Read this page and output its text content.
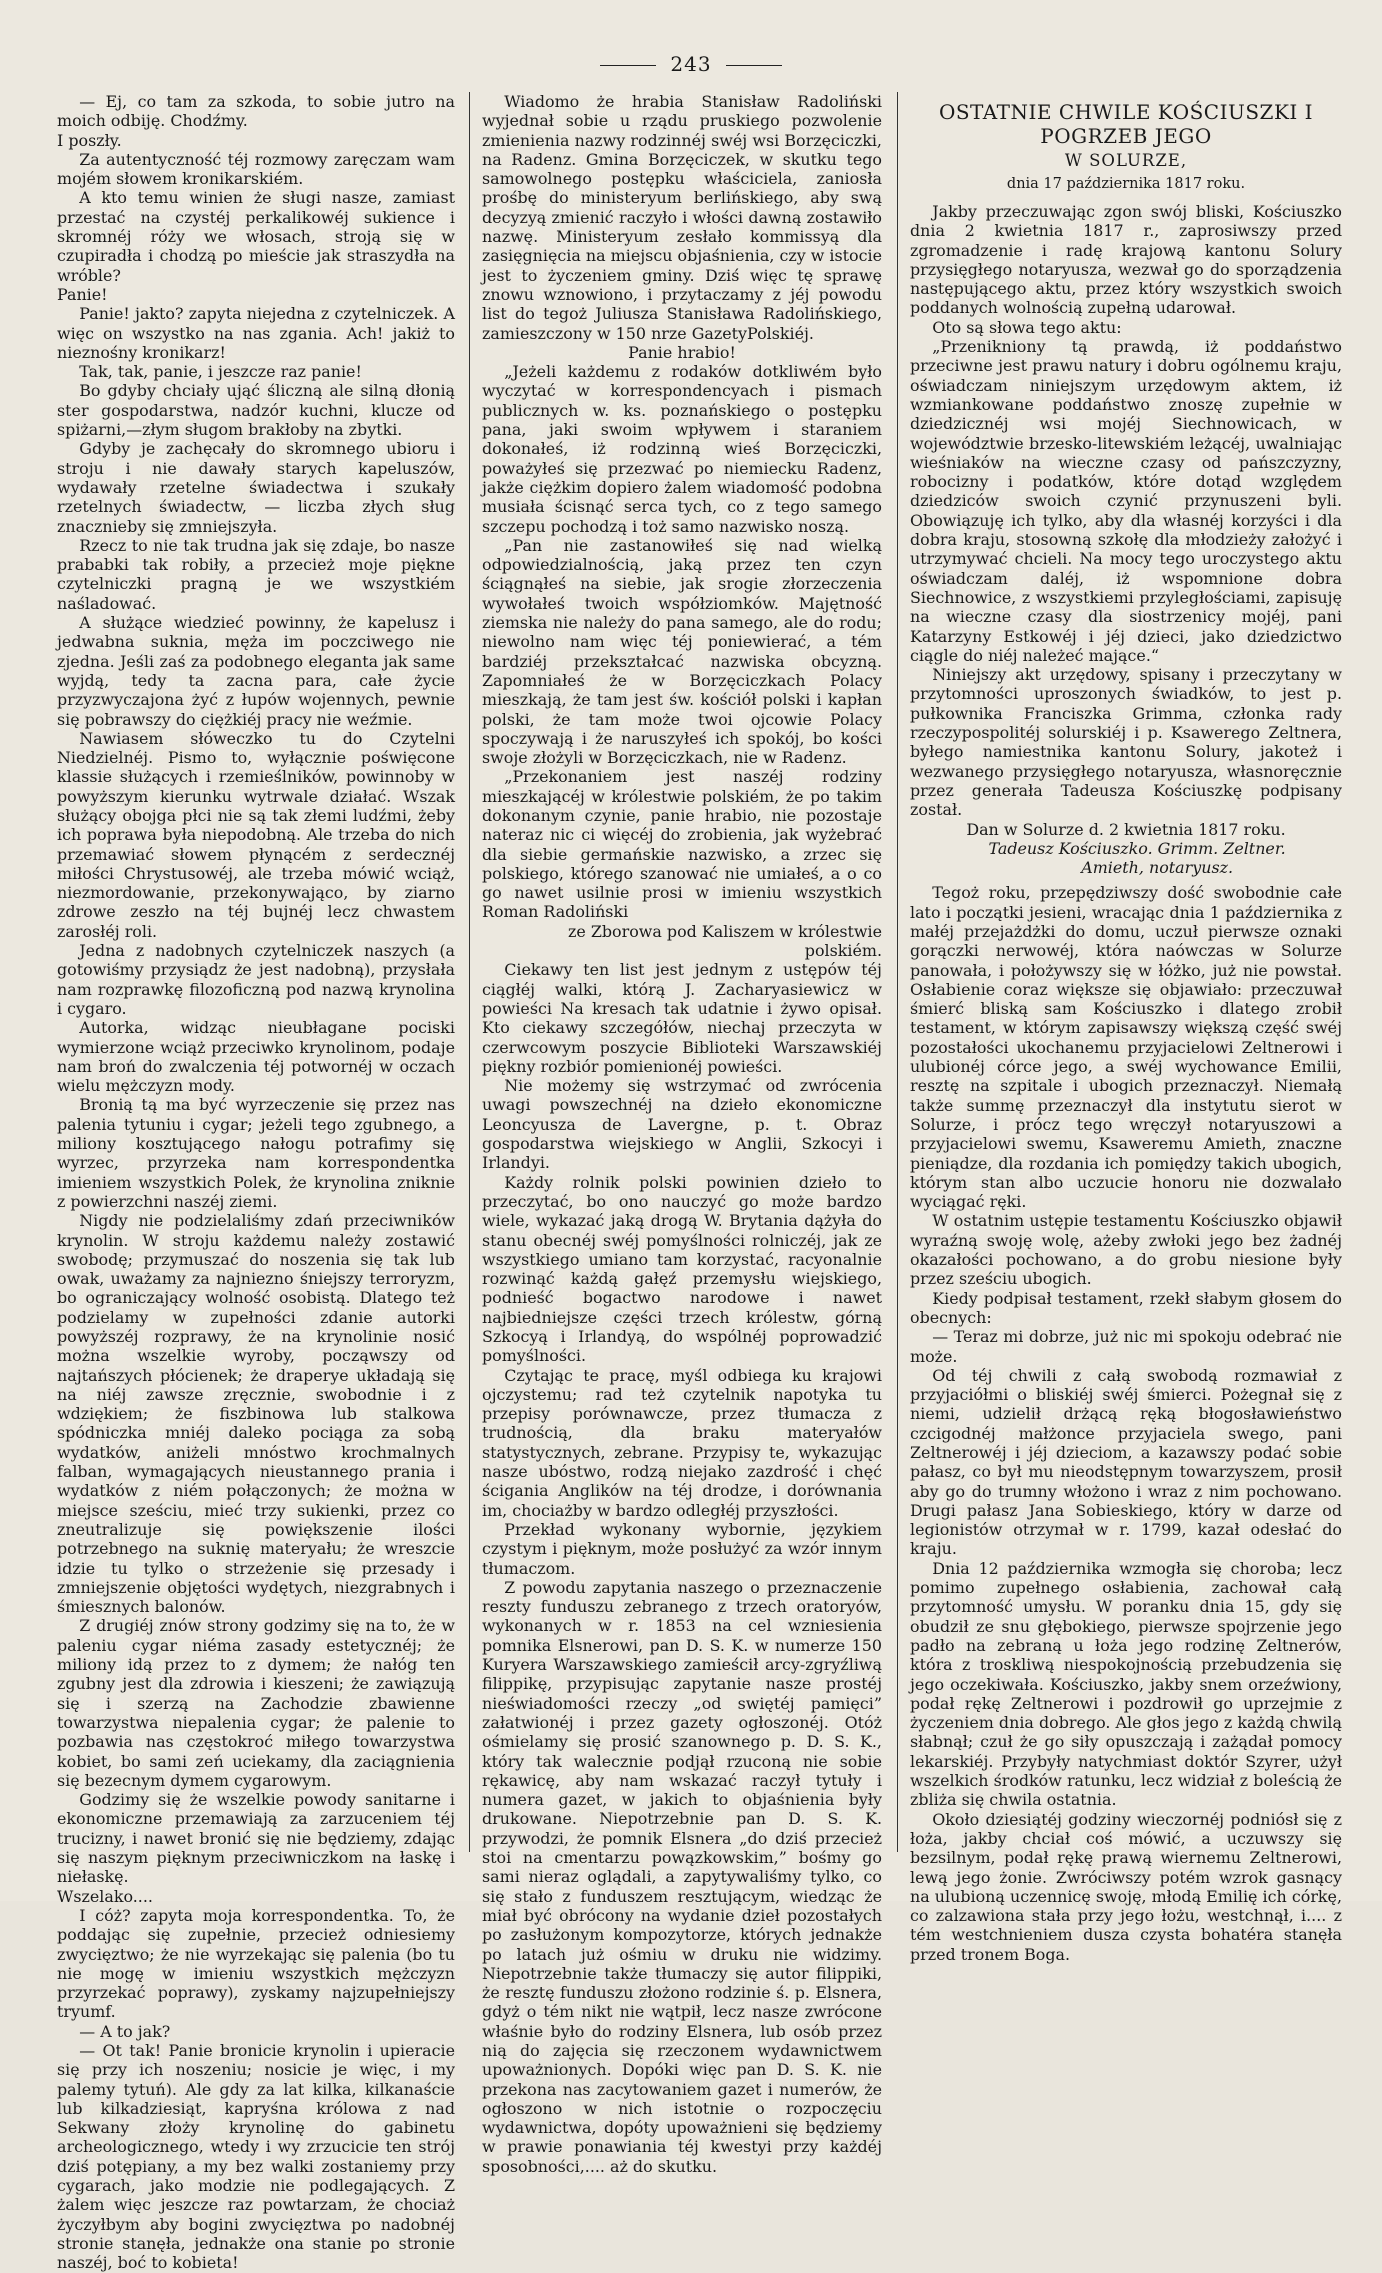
243

— Ej, co tam za szkoda, to sobie jutro na moich odbiję. Chodźmy.

I poszły.

Za autentyczność téj rozmowy zaręczam wam mojém słowem kronikarskiém.

A kto temu winien że sługi nasze, zamiast przestać na czystéj perkalikowéj sukience i skromnéj róży we włosach, stroją się w czupiradła i chodzą po mieście jak straszydła na wróble?

Panie!

Panie! jakto? zapyta niejedna z czytelniczek. A więc on wszystko na nas zgania. Ach! jakiż to nieznośny kronikarz!

Tak, tak, panie, i jeszcze raz panie!

Bo gdyby chciały ująć śliczną ale silną dłonią ster gospodarstwa, nadzór kuchni, klucze od spiżarni,—złym sługom brakłoby na zbytki.

Gdyby je zachęcały do skromnego ubioru i stroju i nie dawały starych kapeluszów, wydawały rzetelne świadectwa i szukały rzetelnych świadectw, — liczba złych sług znacznieby się zmniejszyła.

Rzecz to nie tak trudna jak się zdaje, bo nasze prababki tak robiły, a przecież moje piękne czytelniczki pragną je we wszystkiém naśladować.

A służące wiedzieć powinny, że kapelusz i jedwabna suknia, męża im poczciwego nie zjedna. Jeśli zaś za podobnego eleganta jak same wyjdą, tedy ta zacna para, całe życie przyzwyczajona żyć z łupów wojennych, pewnie się pobrawszy do ciężkiéj pracy nie weźmie.

Nawiasem słóweczko tu do Czytelni Niedzielnéj. Pismo to, wyłącznie poświęcone klassie służących i rzemieślników, powinnoby w powyższym kierunku wytrwale działać. Wszak służący obojga płci nie są tak złemi ludźmi, żeby ich poprawa była niepodobną. Ale trzeba do nich przemawiać słowem płynącém z serdecznéj miłości Chrystusowéj, ale trzeba mówić wciąż, niezmordowanie, przekonywająco, by ziarno zdrowe zeszło na téj bujnéj lecz chwastem zarosłéj roli.

Jedna z nadobnych czytelniczek naszych (a gotowiśmy przysiądz że jest nadobną), przysłała nam rozprawkę filozoficzną pod nazwą krynolina i cygaro.

Autorka, widząc nieubłagane pociski wymierzone wciąż przeciwko krynolinom, podaje nam broń do zwalczenia téj potwornéj w oczach wielu mężczyzn mody.

Bronią tą ma być wyrzeczenie się przez nas palenia tytuniu i cygar; jeżeli tego zgubnego, a miliony kosztującego nałogu potrafimy się wyrzec, przyrzeka nam korrespondentka imieniem wszystkich Polek, że krynolina zniknie z powierzchni naszéj ziemi.

Nigdy nie podzielaliśmy zdań przeciwników krynolin. W stroju każdemu należy zostawić swobodę; przymuszać do noszenia się tak lub owak, uważamy za najniezno śniejszy terroryzm, bo ograniczający wolność osobistą. Dlatego też podzielamy w zupełności zdanie autorki powyższéj rozprawy, że na krynolinie nosić można wszelkie wyroby, począwszy od najtańszych płócienek; że draperye układają się na niéj zawsze zręcznie, swobodnie i z wdziękiem; że fiszbinowa lub stalkowa spódniczka mniéj daleko pociąga za sobą wydatków, aniżeli mnóstwo krochmalnych falban, wymagających nieustannego prania i wydatków z niém połączonych; że można w miejsce sześciu, mieć trzy sukienki, przez co zneutralizuje się powiększenie ilości potrzebnego na suknię materyału; że wreszcie idzie tu tylko o strzeżenie się przesady i zmniejszenie objętości wydętych, niezgrabnych i śmiesznych balonów.

Z drugiéj znów strony godzimy się na to, że w paleniu cygar niéma zasady estetycznéj; że miliony idą przez to z dymem; że nałóg ten zgubny jest dla zdrowia i kieszeni; że zawiązują się i szerzą na Zachodzie zbawienne towarzystwa niepalenia cygar; że paleniе to pozbawia nas częstokroć miłego towarzystwa kobiet, bo sami zeń uciekamy, dla zaciągnienia się bezecnym dymem cygarowym.

Godzimy się że wszelkie powody sanitarne i ekonomiczne przemawiają za zarzuceniem téj trucizny, i nawet bronić się nie będziemy, zdając się naszym pięknym przeciwniczkom na łaskę i niełaskę.

Wszelako....

I cóż? zapyta moja korrespondentka. To, że poddając się zupełnie, przecież odniesiemy zwycięztwo; że nie wyrzekając się palenia (bo tu nie mogę w imieniu wszystkich mężczyzn przyrzekać poprawy), zyskamy najzupełniejszy tryumf.

— A to jak?

— Ot tak! Panie bronicie krynolin i upieracie się przy ich noszeniu; nosicie je więc, i my palemy tytuń). Ale gdy za lat kilka, kilkanaście lub kilkadziesiąt, kapryśna królowa z nad Sekwany złoży krynolinę do gabinetu archeologicznego, wtedy i wy zrzucicie ten strój dziś potępiany, a my bez walki zostaniemy przy cygarach, jako modzie nie podlegających. Z żalem więc jeszcze raz powtarzam, że chociaż życzyłbym aby boginі zwycięztwa po nadobnéj stronie stanęła, jednakże ona stanie po stronie naszéj, boć to kobieta!

Wiadomo że hrabia Stanisław Radoliński wyjednał sobie u rządu pruskiego pozwolenie zmienienia nazwy rodzinnéj swéj wsi Borzęciczki, na Radenz. Gmina Borzęciczek, w skutku tego samowolnego postępku właściciela, zaniosła prośbę do ministeryum berlińskiego, aby swą decyzyą zmienić raczyło i włości dawną zostawiło nazwę. Ministeryum zesłało kommissyą dla zasięgnięcia na miejscu objaśnienia, czy w istocie jest to życzeniem gminy. Dziś więc tę sprawę znowu wznowiono, i przytaczamy z jéj powodu list do tegoż Juliusza Stanisława Radolińskiego, zamieszczony w 150 nrze GazetyPolskiéj.

Panie hrabio!

„Jeżeli każdemu z rodaków dotkliwém było wyczytać w korrespondencyach i pismach publicznych w. ks. poznańskiego o postępku pana, jaki swoim wpływem i staraniem dokonałeś, iż rodzinną wieś Borzęciczki, poważyłeś się przezwać po niemiecku Radenz, jakże ciężkim dopiero żalem wiadomość podobna musiała ścisnąć serca tych, co z tego samego szczepu pochodzą i toż samo nazwisko noszą.

„Pan nie zastanowiłeś się nad wielką odpowiedzialnością, jaką przez ten czyn ściągnąłeś na siebie, jak srogie złorzeczenia wywołałeś twoich współziomków. Majętność ziemska nie należy do pana samego, ale do rodu; niewolno nam więc téj poniewierać, a tém bardziéj przekształcać nazwiska obcyzną. Zapomniałeś że w Borzęciczkach Polacy mieszkają, że tam jest św. kościół polski i kapłan polski, że tam może twoi ojcowie Polacy spoczywają i że naruszyłeś ich spokój, bo kości swoje złożyli w Borzęciczkach, nie w Radenz.

„Przekonaniem jest naszéj rodziny mieszkającéj w królestwie polskiém, że po takim dokonanym czynie, panie hrabio, nie pozostaje nateraz nic ci więcéj do zrobienia, jak wyżebrać dla siebie germańskie nazwisko, a zrzec się polskiego, którego szanować nie umiałeś, a o co go nawet usilnie prosi w imieniu wszystkich Roman Radoliński

ze Zborowa pod Kaliszem w królestwie polskiém.

Ciekawy ten list jest jednym z ustępów téj ciągłéj walki, którą J. Zacharyasiewicz w powieści Na kresach tak udatnie i żywo opisał. Kto ciekawy szczegółów, niechaj przeczyta w czerwcowym poszycie Biblioteki Warszawskiéj piękny rozbiór pomienionéj powieści.

Nie możemy się wstrzymać od zwrócenia uwagi powszechnéj na dzieło ekonomiczne Leoncyusza de Lavergne, p. t. Obraz gospodarstwa wiejskiego w Anglii, Szkocyi i Irlandyi.

Każdy rolnik polski powinien dzieło to przeczytać, bo ono nauczyć go może bardzo wiele, wykazać jaką drogą W. Brytania dążyła do stanu obecnéj swéj pomyślności rolniczéj, jak ze wszystkiego umiano tam korzystać, racyonalnie rozwinąć każdą gałęź przemysłu wiejskiego, podnieść bogactwo narodowe i nawet najbiedniejsze części trzech królestw, górną Szkocyą i Irlandyą, do wspólnéj poprowadzić pomyślności.

Czytając te pracę, myśl odbiega ku krajowi ojczystemu; rad też czytelnik napotyka tu przepisy porównawcze, przez tłumacza z trudnością, dla braku materyałów statystycznych, zebrane. Przypisy te, wykazując nasze ubóstwo, rodzą niejako zazdrość i chęć ścigania Anglików na téj drodze, i dorównania im, chociażby w bardzo odległéj przyszłości.

Przekład wykonany wybornie, językiem czystym i pięknym, może posłużyć za wzór innym tłumaczom.

Z powodu zapytania naszego o przeznaczenie reszty funduszu zebranego z trzech oratoryów, wykonanych w r. 1853 na cel wzniesienia pomnika Elsnerowi, pan D. S. K. w numerze 150 Kuryera Warszawskiego zamieścił arcy-zgryźliwą filippikę, przypisując zapytanie nasze prostéj nieświadomości rzeczy „od swiętéj pamięci” załatwionéj i przez gazety ogłoszonéj. Otóż ośmielamy się prosić szanownego p. D. S. K., który tak walecznie podjął rzuconą nie sobie rękawicę, aby nam wskazać raczył tytuły i numera gazet, w jakich to objaśnienia były drukowane. Niepotrzebnie pan D. S. K. przywodzi, że pomnik Elsnera „do dziś przecież stoi na cmentarzu powązkowskim,” bośmy go sami nieraz oglądali, a zapytywaliśmy tylko, co się stało z funduszem resztującym, wiedząc że miał być obrócony na wydanie dzieł pozostałych po zasłużonym kompozytorze, których jednakże po latach już ośmiu w druku nie widzimy. Niepotrzebnie także tłumaczy się autor filippiki, że resztę funduszu złożono rodzinie ś. p. Elsnera, gdyż o tém nikt nie wątpił, lecz nasze zwrócone właśnie było do rodziny Elsnera, lub osób przez nią do zajęcia się rzeczonem wydawnictwem upoważnionych. Dopóki więc pan D. S. K. nie przekona nas zacytowaniem gazet i numerów, że ogłoszono w nich istotnie o rozpoczęciu wydawnictwa, dopóty upoważnieni się będziemy w prawie ponawiania téj kwestyi przy każdéj sposobności,.... aż do skutku.

OSTATNIE CHWILE KOŚCIUSZKI I POGRZEB JEGO
W SOLURZE,
dnia 17 października 1817 roku.

Jakby przeczuwając zgon swój bliski, Kościuszko dnia 2 kwietnia 1817 r., zaprosiwszy przed zgromadzenie i radę krajową kantonu Solury przysięgłego notaryusza, wezwał go do sporządzenia następującego aktu, przez który wszystkich swoich poddanych wolnością zupełną udarował.

Oto są słowa tego aktu:

„Przenikniony tą prawdą, iż poddaństwo przeciwne jest prawu natury i dobru ogólnemu kraju, oświadczam niniejszym urzędowym aktem, iż wzmiankowane poddaństwo znoszę zupełnie w dziedzicznéj wsi mojéj Siechnowicach, w województwie brzesko-litewskiém leżącéj, uwalniając wieśniaków na wieczne czasy od pańszczyzny, robocizny i podatków, które dotąd względem dziedziców swoich czynić przynuszeni byli. Obowiązuję ich tylko, aby dla własnéj korzyści i dla dobra kraju, stosowną szkołę dla młodzieży założyć i utrzymywać chcieli. Na mocy tego uroczystego aktu oświadczam daléj, iż wspomnione dobra Siechnowice, z wszystkiemi przyległościami, zapisuję na wieczne czasy dla siostrzenicy mojéj, pani Katarzyny Estkowéj i jéj dzieci, jako dziedzictwo ciągle do niéj należeć mające.“

Niniejszy akt urzędowy, spisany i przeczytany w przytomności uproszonych świadków, to jest p. pułkownika Franciszka Grimma, członka rady rzeczypospolitéj solurskiéj i p. Ksawerego Zeltnera, byłego namiestnika kantonu Solury, jakoteż i wezwanego przysięgłego notaryusza, własnoręcznie przez generała Tadeusza Kościuszkę podpisany został.

Dan w Solurze d. 2 kwietnia 1817 roku.

Tadeusz Kościuszko. Grimm. Zeltner.

Amieth, notaryusz.

Tegoż roku, przepędziwszy dość swobodnie całe lato i początki jesieni, wracając dnia 1 października z małéj przejażdżki do domu, uczuł pierwsze oznaki gorączki nerwowéj, która naówczas w Solurze panowała, i położywszy się w łóżko, już nie powstał. Osłabienie coraz większe się objawiało: przeczuwał śmierć bliską sam Kościuszko i dlatego zrobił testament, w którym zapisawszy większą część swéj pozostałości ukochanemu przyjacielowi Zeltnerowi i ulubionéj córce jego, a swéj wychowance Emilii, resztę na szpitale i ubogich przeznaczył. Niemałą także summę przeznaczył dla instytutu sierot w Solurze, i prócz tego wręczył notaryuszowi a przyjacielowi swemu, Ksaweremu Amieth, znaczne pieniądze, dla rozdania ich pomiędzy takich ubogich, którym stan albo uczucie honoru nie dozwalało wyciągać ręki.

W ostatnim ustępie testamentu Kościuszko objawił wyraźną swoję wolę, ażeby zwłoki jego bez żadnéj okazałości pochowano, a do grobu niesione były przez sześciu ubogich.

Kiedy podpisał testament, rzekł słabym głosem do obecnych:

— Teraz mi dobrze, już nic mi spokoju odebrać nie może.

Od téj chwili z całą swobodą rozmawiał z przyjaciółmi o bliskiéj swéj śmierci. Pożegnał się z niemi, udzielił drżącą ręką błogosławieństwo czcigodnéj małżonce przyjaciela swego, pani Zeltnerowéj i jéj dzieciom, a kazawszy podać sobie pałasz, co był mu nieodstępnym towarzyszem, prosił aby go do trumny włożono i wraz z nim pochowano. Drugi pałasz Jana Sobieskiego, który w darze od legionistów otrzymał w r. 1799, kazał odesłać do kraju.

Dnia 12 października wzmogła się choroba; lecz pomimo zupełnego osłabienia, zachował całą przytomność umysłu. W poranku dnia 15, gdy się obudził ze snu głębokiego, pierwsze spojrzenie jego padło na zebraną u łoża jego rodzinę Zeltnerów, która z troskliwą niespokojnością przebudzenia się jego oczekiwała. Kościuszko, jakby snem orzeźwiony, podał rękę Zeltnerowi i pozdrowił go uprzejmie z życzeniem dnia dobrego. Ale głos jego z każdą chwilą słabnął; czuł że go siły opuszczają i zażądał pomocy lekarskiéj. Przybyły natychmiast doktór Szyrer, użył wszelkich środków ratunku, lecz widział z boleścią że zbliża się chwila ostatnia.

Około dziesiątéj godziny wieczornéj podniósł się z łoża, jakby chciał coś mówić, a uczuwszy się bezsilnym, podał rękę prawą wiernemu Zeltnerowi, lewą jego żonie. Zwróciwszy potém wzrok gasnący na ulubioną uczennicę swoję, młodą Emilię ich córkę, co zalzawiona stała przy jego łożu, westchnął, i.... z tém westchnieniem dusza czysta bohatéra stanęła przed tronem Boga.
